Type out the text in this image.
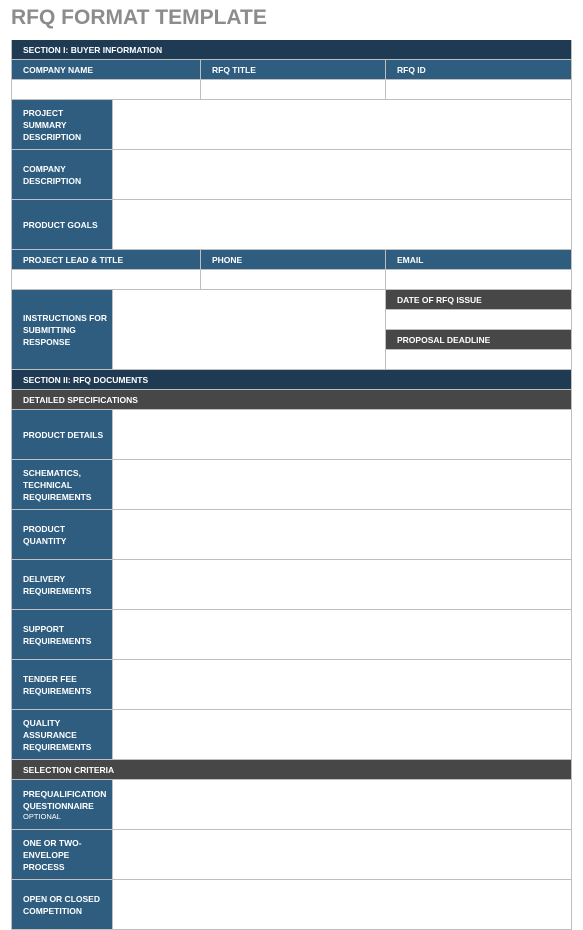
RFQ FORMAT TEMPLATE
SECTION I: BUYER INFORMATION
COMPANY NAME	RFQ TITLE	RFQ ID
PROJECT SUMMARY DESCRIPTION
COMPANY DESCRIPTION
PRODUCT GOALS
PROJECT LEAD & TITLE	PHONE	EMAIL
INSTRUCTIONS FOR SUBMITTING RESPONSE
DATE OF RFQ ISSUE
PROPOSAL DEADLINE
SECTION II: RFQ DOCUMENTS
DETAILED SPECIFICATIONS
PRODUCT DETAILS
SCHEMATICS, TECHNICAL REQUIREMENTS
PRODUCT QUANTITY
DELIVERY REQUIREMENTS
SUPPORT REQUIREMENTS
TENDER FEE REQUIREMENTS
QUALITY ASSURANCE REQUIREMENTS
SELECTION CRITERIA
PREQUALIFICATION QUESTIONNAIRE
OPTIONAL
ONE OR TWO-ENVELOPE PROCESS
OPEN OR CLOSED COMPETITION
